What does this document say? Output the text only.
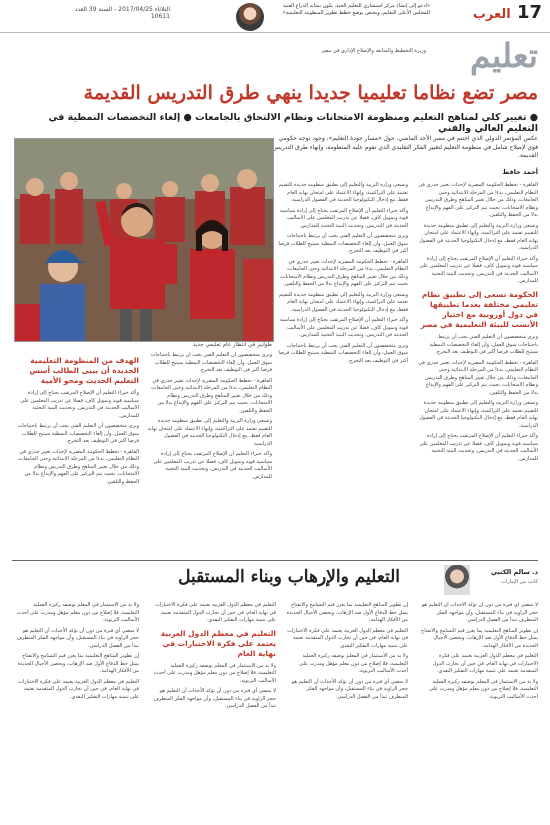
17 العرب
الثلاثاء 2017/04/25 - السنة 39 العدد 10611
«ادعو إلى إنشاء مركز استشاري للتعليم الجيد، يكون بمثابة الذراع الفنية للمجلس الأعلى للتعليم، ويختص بوضع خطط تطوير المنظومة التعليمية»
وزيرة التخطيط والمتابعة والإصلاح الإداري في مصر تعليم
مصر تضع نظاما تعليميا جديدا ينهي طرق التدريس القديمة
● تغيير كلي لمناهج التعليم ومنظومة الامتحانات ونظام الالتحاق بالجامعات ● إلغاء التخصصات النمطية في التعليم العالي والفني
عكس المؤتمر الدولي الذي اختتم في مصر الأحد الماضي، حول «مسار جودة التعليم»، وجود توجه حكومي قوي لإصلاح شامل في منظومة التعليم لتغيير الفكر التقليدي الذي تقوم عليه المنظومة، وإنهاء طرق التدريس القديمة.
أحمد حافظ
طوابير في انتظار عام تعليمي جديد

القاهرة - تخطط الحكومة المصرية لإحداث تغيير جذري في النظام التعليمي، بدءا من المرحلة الابتدائية وحتى الجامعات، وذلك من خلال تغيير المناهج وطرق التدريس ونظام الامتحانات، بحيث يتم التركيز على الفهم والإبداع بدلا من الحفظ والتلقين.

وتسعى وزارة التربية والتعليم إلى تطبيق منظومة جديدة للتقييم تعتمد على التراكمية، وإنهاء الاعتماد على امتحان نهاية العام فقط، مع إدخال التكنولوجيا الحديثة في الفصول الدراسية.

وأكد خبراء التعليم أن الإصلاح المرتقب يحتاج إلى إرادة سياسية قوية وتمويل كاف، فضلا عن تدريب المعلمين على الأساليب الحديثة في التدريس، وتحديث البنية التحتية للمدارس.

الحكومة تسعى إلى تطبيق نظام تعليمي مختلفة بعدما تطبيقها في دول أوروبية مع اختيار الأنسب للبيئة التعليمية في مصر

ويرى متخصصون أن التعليم الفني يجب أن يرتبط باحتياجات سوق العمل، وأن إلغاء التخصصات النمطية سيتيح للطلاب فرصا أكبر في التوظيف بعد التخرج.

القاهرة - تخطط الحكومة المصرية لإحداث تغيير جذري في النظام التعليمي، بدءا من المرحلة الابتدائية وحتى الجامعات، وذلك من خلال تغيير المناهج وطرق التدريس ونظام الامتحانات، بحيث يتم التركيز على الفهم والإبداع بدلا من الحفظ والتلقين.

وتسعى وزارة التربية والتعليم إلى تطبيق منظومة جديدة للتقييم تعتمد على التراكمية، وإنهاء الاعتماد على امتحان نهاية العام فقط، مع إدخال التكنولوجيا الحديثة في الفصول الدراسية.

وأكد خبراء التعليم أن الإصلاح المرتقب يحتاج إلى إرادة سياسية قوية وتمويل كاف، فضلا عن تدريب المعلمين على الأساليب الحديثة في التدريس، وتحديث البنية التحتية للمدارس.

وتسعى وزارة التربية والتعليم إلى تطبيق منظومة جديدة للتقييم تعتمد على التراكمية، وإنهاء الاعتماد على امتحان نهاية العام فقط، مع إدخال التكنولوجيا الحديثة في الفصول الدراسية.

وأكد خبراء التعليم أن الإصلاح المرتقب يحتاج إلى إرادة سياسية قوية وتمويل كاف، فضلا عن تدريب المعلمين على الأساليب الحديثة في التدريس، وتحديث البنية التحتية للمدارس.

ويرى متخصصون أن التعليم الفني يجب أن يرتبط باحتياجات سوق العمل، وأن إلغاء التخصصات النمطية سيتيح للطلاب فرصا أكبر في التوظيف بعد التخرج.

القاهرة - تخطط الحكومة المصرية لإحداث تغيير جذري في النظام التعليمي، بدءا من المرحلة الابتدائية وحتى الجامعات، وذلك من خلال تغيير المناهج وطرق التدريس ونظام الامتحانات، بحيث يتم التركيز على الفهم والإبداع بدلا من الحفظ والتلقين.

وتسعى وزارة التربية والتعليم إلى تطبيق منظومة جديدة للتقييم تعتمد على التراكمية، وإنهاء الاعتماد على امتحان نهاية العام فقط، مع إدخال التكنولوجيا الحديثة في الفصول الدراسية.

وأكد خبراء التعليم أن الإصلاح المرتقب يحتاج إلى إرادة سياسية قوية وتمويل كاف، فضلا عن تدريب المعلمين على الأساليب الحديثة في التدريس، وتحديث البنية التحتية للمدارس.

ويرى متخصصون أن التعليم الفني يجب أن يرتبط باحتياجات سوق العمل، وأن إلغاء التخصصات النمطية سيتيح للطلاب فرصا أكبر في التوظيف بعد التخرج.

الهدف من المنظومة التعليمية الجديدة أن يبنى الطالب أسس التعليم الحديث ومحو الأمية

وأكد خبراء التعليم أن الإصلاح المرتقب يحتاج إلى إرادة سياسية قوية وتمويل كاف، فضلا عن تدريب المعلمين على الأساليب الحديثة في التدريس، وتحديث البنية التحتية للمدارس.

ويرى متخصصون أن التعليم الفني يجب أن يرتبط باحتياجات سوق العمل، وأن إلغاء التخصصات النمطية سيتيح للطلاب فرصا أكبر في التوظيف بعد التخرج.

القاهرة - تخطط الحكومة المصرية لإحداث تغيير جذري في النظام التعليمي، بدءا من المرحلة الابتدائية وحتى الجامعات، وذلك من خلال تغيير المناهج وطرق التدريس ونظام الامتحانات، بحيث يتم التركيز على الفهم والإبداع بدلا من الحفظ والتلقين.

ويرى متخصصون أن التعليم الفني يجب أن يرتبط باحتياجات سوق العمل، وأن إلغاء التخصصات النمطية سيتيح للطلاب فرصا أكبر في التوظيف بعد التخرج.

القاهرة - تخطط الحكومة المصرية لإحداث تغيير جذري في النظام التعليمي، بدءا من المرحلة الابتدائية وحتى الجامعات، وذلك من خلال تغيير المناهج وطرق التدريس ونظام الامتحانات، بحيث يتم التركيز على الفهم والإبداع بدلا من الحفظ والتلقين.

وتسعى وزارة التربية والتعليم إلى تطبيق منظومة جديدة للتقييم تعتمد على التراكمية، وإنهاء الاعتماد على امتحان نهاية العام فقط، مع إدخال التكنولوجيا الحديثة في الفصول الدراسية.

وأكد خبراء التعليم أن الإصلاح المرتقب يحتاج إلى إرادة سياسية قوية وتمويل كاف، فضلا عن تدريب المعلمين على الأساليب الحديثة في التدريس، وتحديث البنية التحتية للمدارس.

التعليم والإرهاب وبناء المستقبل	د. سالم الكتبي
كاتب من الإمارات

لا تمضي أي فترة من دون أن تؤكد الأحداث أن التعليم هو حجر الزاوية في بناء المستقبل، وأن مواجهة الفكر المتطرف تبدأ من الفصل الدراسي.

إن تطوير المناهج التعليمية بما يعزز قيم التسامح والانفتاح يمثل خط الدفاع الأول ضد الإرهاب، ويحصن الأجيال الجديدة من الأفكار الهدامة.

التعليم في معظم الدول العربية يعتمد على فكرة الاختبارات في نهاية العام، في حين أن تجارب الدول المتقدمة تعتمد على تنمية مهارات التفكير النقدي.

ولا بد من الاستثمار في المعلم بوصفه ركيزة العملية التعليمية، فلا إصلاح من دون معلم مؤهل ومدرب على أحدث الأساليب التربوية.

إن تطوير المناهج التعليمية بما يعزز قيم التسامح والانفتاح يمثل خط الدفاع الأول ضد الإرهاب، ويحصن الأجيال الجديدة من الأفكار الهدامة.

التعليم في معظم الدول العربية يعتمد على فكرة الاختبارات في نهاية العام، في حين أن تجارب الدول المتقدمة تعتمد على تنمية مهارات التفكير النقدي.

ولا بد من الاستثمار في المعلم بوصفه ركيزة العملية التعليمية، فلا إصلاح من دون معلم مؤهل ومدرب على أحدث الأساليب التربوية.

لا تمضي أي فترة من دون أن تؤكد الأحداث أن التعليم هو حجر الزاوية في بناء المستقبل، وأن مواجهة الفكر المتطرف تبدأ من الفصل الدراسي.

التعليم في معظم الدول العربية يعتمد على فكرة الاختبارات في نهاية العام، في حين أن تجارب الدول المتقدمة تعتمد على تنمية مهارات التفكير النقدي.

التعليم في معظم الدول العربية يعتمد على فكرة الاختبارات في نهاية العام

ولا بد من الاستثمار في المعلم بوصفه ركيزة العملية التعليمية، فلا إصلاح من دون معلم مؤهل ومدرب على أحدث الأساليب التربوية.

لا تمضي أي فترة من دون أن تؤكد الأحداث أن التعليم هو حجر الزاوية في بناء المستقبل، وأن مواجهة الفكر المتطرف تبدأ من الفصل الدراسي.

ولا بد من الاستثمار في المعلم بوصفه ركيزة العملية التعليمية، فلا إصلاح من دون معلم مؤهل ومدرب على أحدث الأساليب التربوية.

لا تمضي أي فترة من دون أن تؤكد الأحداث أن التعليم هو حجر الزاوية في بناء المستقبل، وأن مواجهة الفكر المتطرف تبدأ من الفصل الدراسي.

إن تطوير المناهج التعليمية بما يعزز قيم التسامح والانفتاح يمثل خط الدفاع الأول ضد الإرهاب، ويحصن الأجيال الجديدة من الأفكار الهدامة.

التعليم في معظم الدول العربية يعتمد على فكرة الاختبارات في نهاية العام، في حين أن تجارب الدول المتقدمة تعتمد على تنمية مهارات التفكير النقدي.
